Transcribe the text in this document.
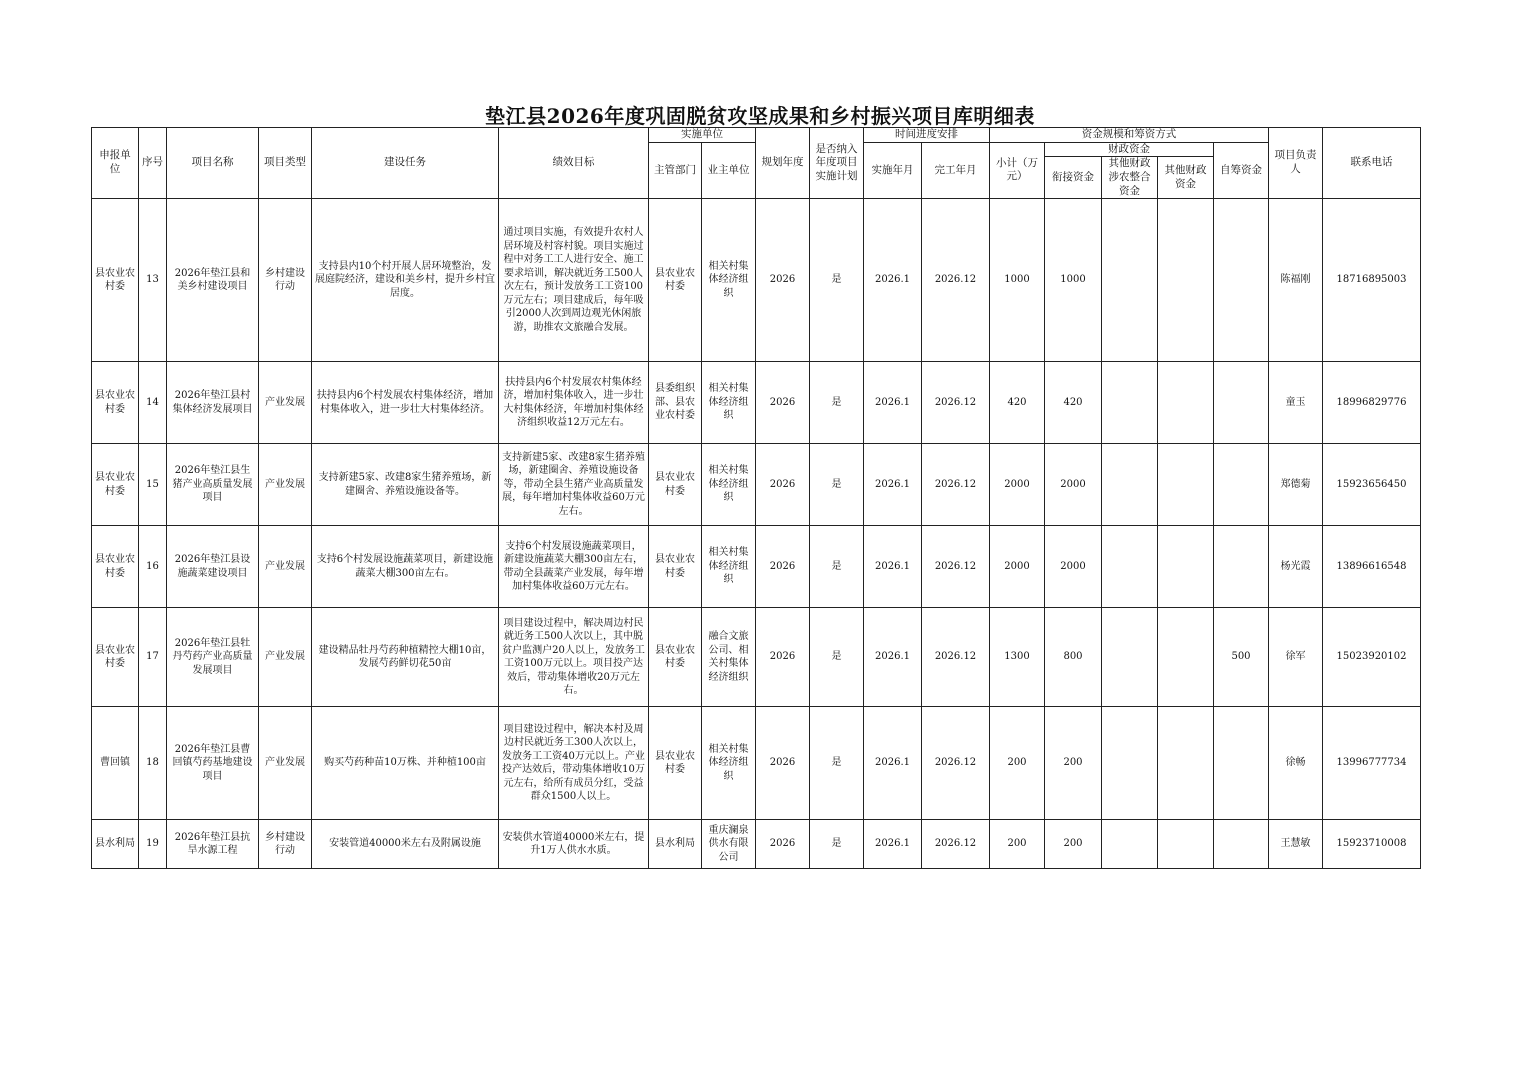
垫江县2026年度巩固脱贫攻坚成果和乡村振兴项目库明细表
申报单位	序号	项目名称	项目类型	建设任务	绩效目标	实施单位		规划年度	是否纳入年度项目实施计划	时间进度安排		资金规模和筹资方式					项目负责人	联系电话
						主管部门	业主单位			实施年月	完工年月	小计（万元）	财政资金			自筹资金		
													衔接资金	其他财政涉农整合资金	其他财政资金			
县农业农村委	13	2026年垫江县和美乡村建设项目	乡村建设行动	支持县内10个村开展人居环境整治，发展庭院经济，建设和美乡村，提升乡村宜居度。	通过项目实施，有效提升农村人居环境及村容村貌。项目实施过程中对务工工人进行安全、施工要求培训，解决就近务工500人次左右，预计发放务工工资100万元左右；项目建成后，每年吸引2000人次到周边观光休闲旅游，助推农文旅融合发展。	县农业农村委	相关村集体经济组织	2026	是	2026.1	2026.12	1000	1000				陈福刚	18716895003
县农业农村委	14	2026年垫江县村集体经济发展项目	产业发展	扶持县内6个村发展农村集体经济，增加村集体收入，进一步壮大村集体经济。	扶持县内6个村发展农村集体经济，增加村集体收入，进一步壮大村集体经济，年增加村集体经济组织收益12万元左右。	县委组织部、县农业农村委	相关村集体经济组织	2026	是	2026.1	2026.12	420	420				童玉	18996829776
县农业农村委	15	2026年垫江县生猪产业高质量发展项目	产业发展	支持新建5家、改建8家生猪养殖场，新建圈舍、养殖设施设备等。	支持新建5家、改建8家生猪养殖场，新建圈舍、养殖设施设备等，带动全县生猪产业高质量发展，每年增加村集体收益60万元左右。	县农业农村委	相关村集体经济组织	2026	是	2026.1	2026.12	2000	2000				郑德菊	15923656450
县农业农村委	16	2026年垫江县设施蔬菜建设项目	产业发展	支持6个村发展设施蔬菜项目，新建设施蔬菜大棚300亩左右。	支持6个村发展设施蔬菜项目，新建设施蔬菜大棚300亩左右，带动全县蔬菜产业发展，每年增加村集体收益60万元左右。	县农业农村委	相关村集体经济组织	2026	是	2026.1	2026.12	2000	2000				杨光霞	13896616548
县农业农村委	17	2026年垫江县牡丹芍药产业高质量发展项目	产业发展	建设精品牡丹芍药种植精控大棚10亩，发展芍药鲜切花50亩	项目建设过程中，解决周边村民就近务工500人次以上，其中脱贫户监测户20人以上，发放务工工资100万元以上。项目投产达效后，带动集体增收20万元左右。	县农业农村委	融合文旅公司、相关村集体经济组织	2026	是	2026.1	2026.12	1300	800			500	徐军	15023920102
曹回镇	18	2026年垫江县曹回镇芍药基地建设项目	产业发展	购买芍药种苗10万株、并种植100亩	项目建设过程中，解决本村及周边村民就近务工300人次以上，发放务工工资40万元以上。产业投产达效后，带动集体增收10万元左右，给所有成员分红，受益群众1500人以上。	县农业农村委	相关村集体经济组织	2026	是	2026.1	2026.12	200	200				徐畅	13996777734
县水利局	19	2026年垫江县抗旱水源工程	乡村建设行动	安装管道40000米左右及附属设施	安装供水管道40000米左右，提升1万人供水水质。	县水利局	重庆澜泉供水有限公司	2026	是	2026.1	2026.12	200	200				王慧敏	15923710008
